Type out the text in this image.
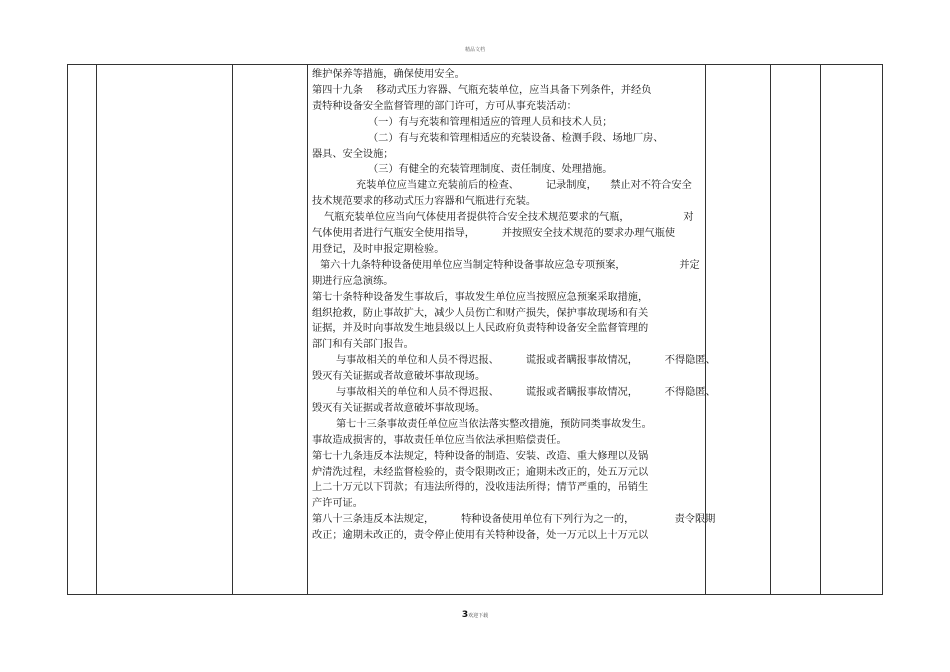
精品文档

维护保养等措施，确保使用安全。
第四十九条 　移动式压力容器、气瓶充装单位，应当具备下列条件，并经负
责特种设备安全监督管理的部门许可，方可从事充装活动：
（一）有与充装和管理相适应的管理人员和技术人员；
（二）有与充装和管理相适应的充装设备、检测手段、场地厂房、
器具、安全设施；
（三）有健全的充装管理制度、责任制度、处理措施。
充装单位应当建立充装前后的检查、 　 　记录制度， 　禁止对不符合安全
技术规范要求的移动式压力容器和气瓶进行充装。
气瓶充装单位应当向气体使用者提供符合安全技术规范要求的气瓶， 　 　 　 　对
气体使用者进行气瓶安全使用指导， 　 　并按照安全技术规范的要求办理气瓶使
用登记，及时申报定期检验。
第六十九条特种设备使用单位应当制定特种设备事故应急专项预案， 　 　 　 　并定
期进行应急演练。
第七十条特种设备发生事故后，事故发生单位应当按照应急预案采取措施，
组织抢救，防止事故扩大，减少人员伤亡和财产损失，保护事故现场和有关
证据，并及时向事故发生地县级以上人民政府负责特种设备安全监督管理的
部门和有关部门报告。
与事故相关的单位和人员不得迟报、 　 　谎报或者瞒报事故情况， 　 　不得隐匿、
毁灭有关证据或者故意破坏事故现场。
与事故相关的单位和人员不得迟报、 　 　谎报或者瞒报事故情况， 　 　不得隐匿、
毁灭有关证据或者故意破坏事故现场。
第七十三条事故责任单位应当依法落实整改措施，预防同类事故发生。
事故造成损害的，事故责任单位应当依法承担赔偿责任。
第七十九条违反本法规定，特种设备的制造、安装、改造、重大修理以及锅
炉清洗过程，未经监督检验的，责令限期改正；逾期未改正的，处五万元以
上二十万元以下罚款；有违法所得的，没收违法所得；情节严重的，吊销生
产许可证。
第八十三条违反本法规定， 　 　特种设备使用单位有下列行为之一的， 　 　 　责令限期
改正；逾期未改正的，责令停止使用有关特种设备，处一万元以上十万元以

3欢迎下载
